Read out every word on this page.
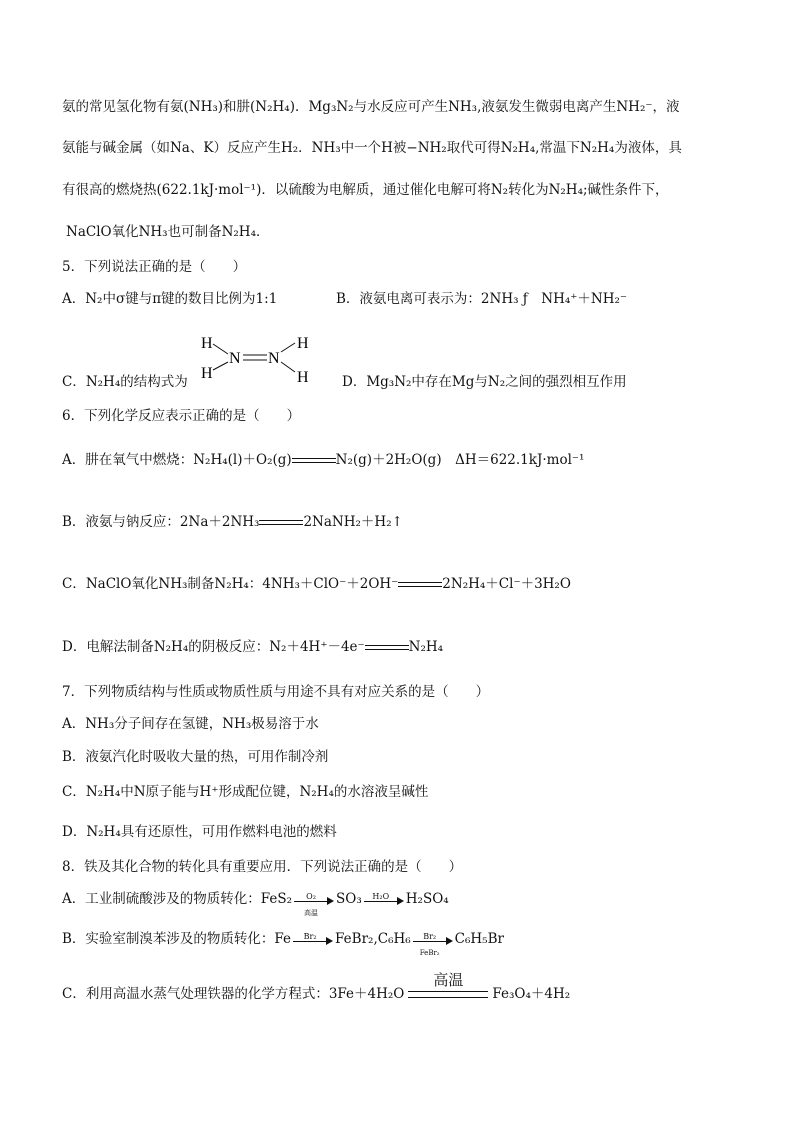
氨的常见氢化物有氨(NH₃)和肼(N₂H₄)．Mg₃N₂与水反应可产生NH₃,液氨发生微弱电离产生NH₂⁻，液
氨能与碱金属（如Na、K）反应产生H₂．NH₃中一个H被−NH₂取代可得N₂H₄,常温下N₂H₄为液体，具
有很高的燃烧热(622.1kJ·mol⁻¹)．以硫酸为电解质，通过催化电解可将N₂转化为N₂H₄;碱性条件下，
NaClO氧化NH₃也可制备N₂H₄．
5．下列说法正确的是（　　）
A．N₂中σ键与π键的数目比例为1:1	B．液氨电离可表示为：2NH₃ ƒ　NH₄⁺＋NH₂⁻
H
H
N N
H
H
C．N₂H₄的结构式为	D．Mg₃N₂中存在Mg与N₂之间的强烈相互作用
6．下列化学反应表示正确的是（　　）
A．肼在氧气中燃烧：N₂H₄(l)＋O₂(g)	N₂(g)＋2H₂O(g)　ΔH＝622.1kJ·mol⁻¹
B．液氨与钠反应：2Na＋2NH₃	2NaNH₂＋H₂↑
C．NaClO氧化NH₃制备N₂H₄：4NH₃＋ClO⁻＋2OH⁻	2N₂H₄＋Cl⁻＋3H₂O
D．电解法制备N₂H₄的阴极反应：N₂＋4H⁺－4e⁻	N₂H₄
7．下列物质结构与性质或物质性质与用途不具有对应关系的是（　　）
A．NH₃分子间存在氢键，NH₃极易溶于水
B．液氨汽化时吸收大量的热，可用作制冷剂
C．N₂H₄中N原子能与H⁺形成配位键，N₂H₄的水溶液呈碱性
D．N₂H₄具有还原性，可用作燃料电池的燃料
8．铁及其化合物的转化具有重要应用．下列说法正确的是（　　）
A．工业制硫酸涉及的物质转化：FeS₂	O₂
高温
SO₃	H₂O	H₂SO₄
B．实验室制溴苯涉及的物质转化：Fe	Br₂	FeBr₂,C₆H₆	Br₂
FeBr₂
C₆H₅Br
C．利用高温水蒸气处理铁器的化学方程式：3Fe＋4H₂O
高温
Fe₃O₄＋4H₂
